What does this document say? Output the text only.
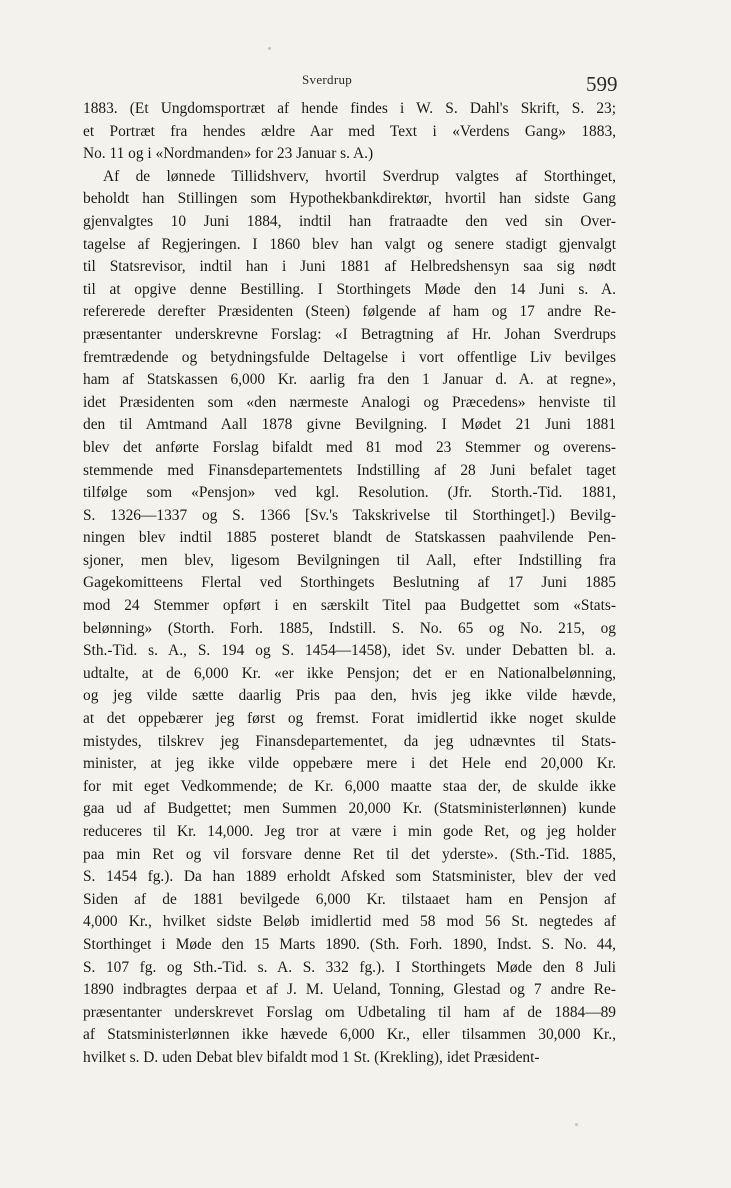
Sverdrup	599
1883. (Et Ungdomsportræt af hende findes i W. S. Dahl's Skrift, S. 23;
et Portræt fra hendes ældre Aar med Text i «Verdens Gang» 1883,
No. 11 og i «Nordmanden» for 23 Januar s. A.)
Af de lønnede Tillidshverv, hvortil Sverdrup valgtes af Storthinget,
beholdt han Stillingen som Hypothekbankdirektør, hvortil han sidste Gang
gjenvalgtes 10 Juni 1884, indtil han fratraadte den ved sin Over-
tagelse af Regjeringen. I 1860 blev han valgt og senere stadigt gjenvalgt
til Statsrevisor, indtil han i Juni 1881 af Helbredshensyn saa sig nødt
til at opgive denne Bestilling. I Storthingets Møde den 14 Juni s. A.
refererede derefter Præsidenten (Steen) følgende af ham og 17 andre Re-
præsentanter underskrevne Forslag: «I Betragtning af Hr. Johan Sverdrups
fremtrædende og betydningsfulde Deltagelse i vort offentlige Liv bevilges
ham af Statskassen 6,000 Kr. aarlig fra den 1 Januar d. A. at regne»,
idet Præsidenten som «den nærmeste Analogi og Præcedens» henviste til
den til Amtmand Aall 1878 givne Bevilgning. I Mødet 21 Juni 1881
blev det anførte Forslag bifaldt med 81 mod 23 Stemmer og overens-
stemmende med Finansdepartementets Indstilling af 28 Juni befalet taget
tilfølge som «Pensjon» ved kgl. Resolution. (Jfr. Storth.-Tid. 1881,
S. 1326—1337 og S. 1366 [Sv.'s Takskrivelse til Storthinget].) Bevilg-
ningen blev indtil 1885 posteret blandt de Statskassen paahvilende Pen-
sjoner, men blev, ligesom Bevilgningen til Aall, efter Indstilling fra
Gagekomitteens Flertal ved Storthingets Beslutning af 17 Juni 1885
mod 24 Stemmer opført i en særskilt Titel paa Budgettet som «Stats-
belønning» (Storth. Forh. 1885, Indstill. S. No. 65 og No. 215, og
Sth.-Tid. s. A., S. 194 og S. 1454—1458), idet Sv. under Debatten bl. a.
udtalte, at de 6,000 Kr. «er ikke Pensjon; det er en Nationalbelønning,
og jeg vilde sætte daarlig Pris paa den, hvis jeg ikke vilde hævde,
at det oppebærer jeg først og fremst. Forat imidlertid ikke noget skulde
mistydes, tilskrev jeg Finansdepartementet, da jeg udnævntes til Stats-
minister, at jeg ikke vilde oppebære mere i det Hele end 20,000 Kr.
for mit eget Vedkommende; de Kr. 6,000 maatte staa der, de skulde ikke
gaa ud af Budgettet; men Summen 20,000 Kr. (Statsministerlønnen) kunde
reduceres til Kr. 14,000. Jeg tror at være i min gode Ret, og jeg holder
paa min Ret og vil forsvare denne Ret til det yderste». (Sth.-Tid. 1885,
S. 1454 fg.). Da han 1889 erholdt Afsked som Statsminister, blev der ved
Siden af de 1881 bevilgede 6,000 Kr. tilstaaet ham en Pensjon af
4,000 Kr., hvilket sidste Beløb imidlertid med 58 mod 56 St. negtedes af
Storthinget i Møde den 15 Marts 1890. (Sth. Forh. 1890, Indst. S. No. 44,
S. 107 fg. og Sth.-Tid. s. A. S. 332 fg.). I Storthingets Møde den 8 Juli
1890 indbragtes derpaa et af J. M. Ueland, Tonning, Glestad og 7 andre Re-
præsentanter underskrevet Forslag om Udbetaling til ham af de 1884—89
af Statsministerlønnen ikke hævede 6,000 Kr., eller tilsammen 30,000 Kr.,
hvilket s. D. uden Debat blev bifaldt mod 1 St. (Krekling), idet Præsident-
